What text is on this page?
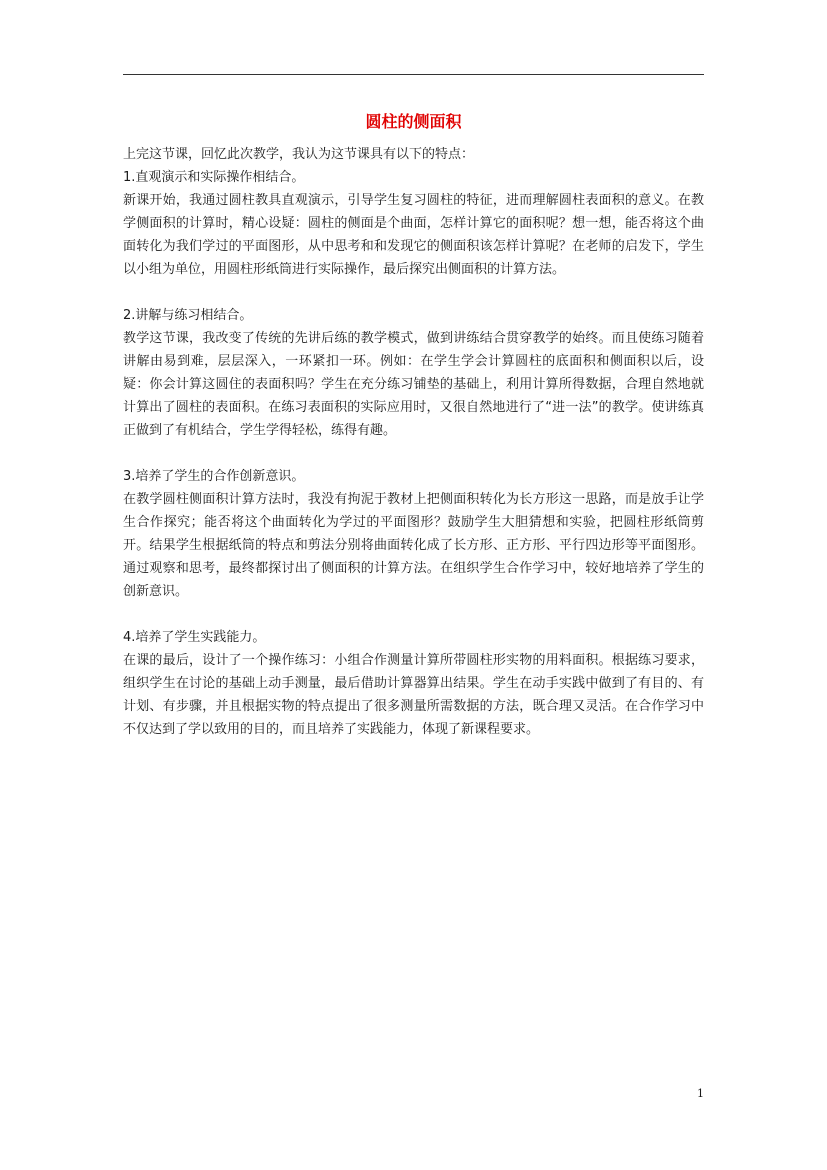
圆柱的侧面积

上完这节课，回忆此次教学，我认为这节课具有以下的特点：

1.直观演示和实际操作相结合。

新课开始，我通过圆柱教具直观演示，引导学生复习圆柱的特征，进而理解圆柱表面积的意义。在教学侧面积的计算时，精心设疑：圆柱的侧面是个曲面，怎样计算它的面积呢？想一想，能否将这个曲面转化为我们学过的平面图形，从中思考和和发现它的侧面积该怎样计算呢？在老师的启发下，学生以小组为单位，用圆柱形纸筒进行实际操作，最后探究出侧面积的计算方法。

2.讲解与练习相结合。

教学这节课，我改变了传统的先讲后练的教学模式，做到讲练结合贯穿教学的始终。而且使练习随着讲解由易到难，层层深入，一环紧扣一环。例如：在学生学会计算圆柱的底面积和侧面积以后，设疑：你会计算这圆住的表面积吗？学生在充分练习铺垫的基础上，利用计算所得数据，合理自然地就计算出了圆柱的表面积。在练习表面积的实际应用时，又很自然地进行了“进一法”的教学。使讲练真正做到了有机结合，学生学得轻松，练得有趣。

3.培养了学生的合作创新意识。

在教学圆柱侧面积计算方法时，我没有拘泥于教材上把侧面积转化为长方形这一思路，而是放手让学生合作探究；能否将这个曲面转化为学过的平面图形？鼓励学生大胆猜想和实验，把圆柱形纸筒剪开。结果学生根据纸筒的特点和剪法分别将曲面转化成了长方形、正方形、平行四边形等平面图形。通过观察和思考，最终都探讨出了侧面积的计算方法。在组织学生合作学习中，较好地培养了学生的创新意识。

4.培养了学生实践能力。

在课的最后，设计了一个操作练习：小组合作测量计算所带圆柱形实物的用料面积。根据练习要求，组织学生在讨论的基础上动手测量，最后借助计算器算出结果。学生在动手实践中做到了有目的、有计划、有步骤，并且根据实物的特点提出了很多测量所需数据的方法，既合理又灵活。在合作学习中不仅达到了学以致用的目的，而且培养了实践能力，体现了新课程要求。

1
